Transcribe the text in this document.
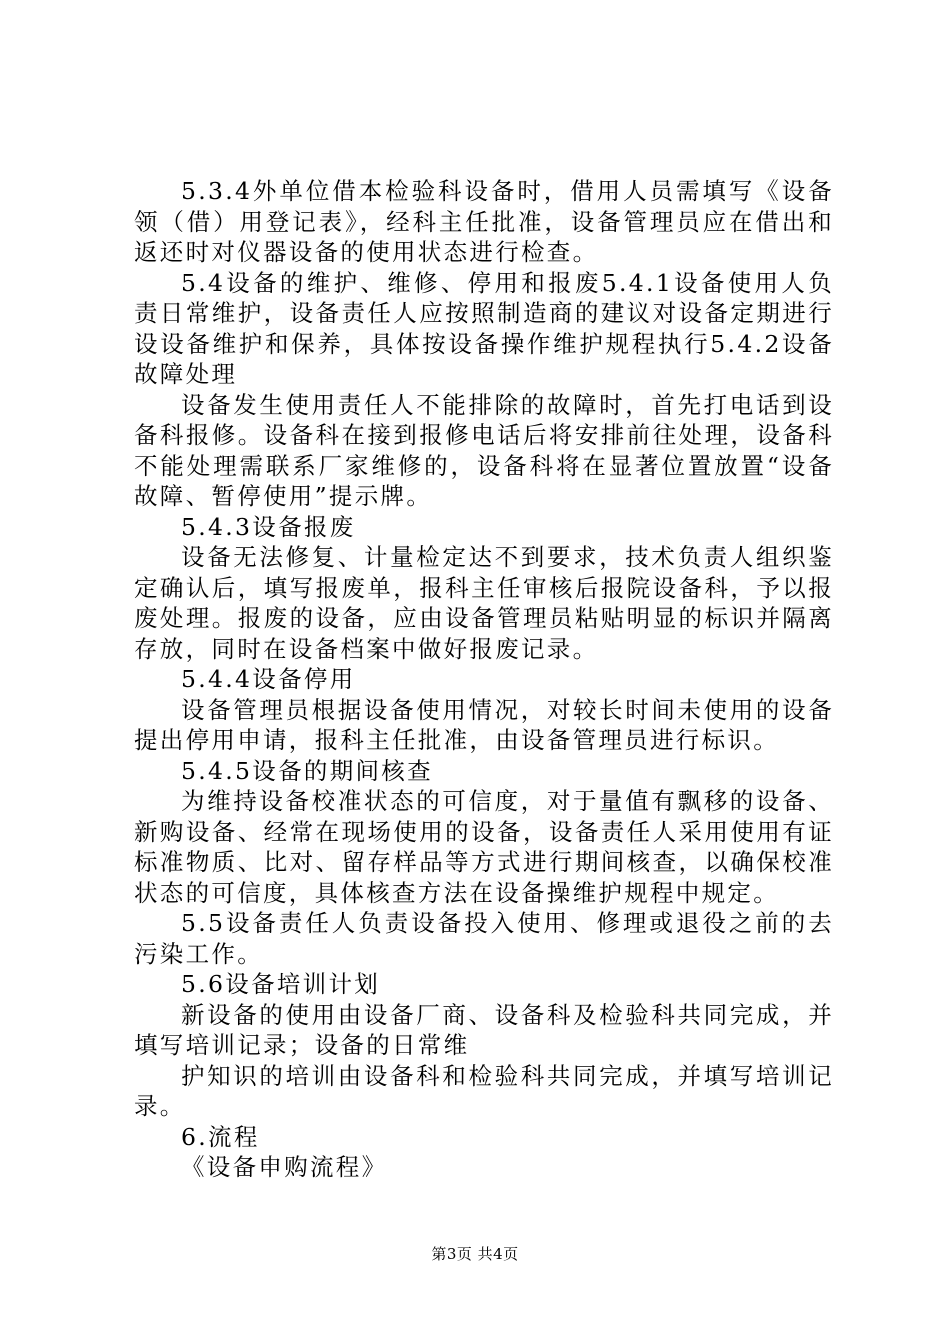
5.3.4外单位借本检验科设备时，借用人员需填写《设备领（借）用登记表》，经科主任批准，设备管理员应在借出和返还时对仪器设备的使用状态进行检查。

5.4设备的维护、维修、停用和报废5.4.1设备使用人负责日常维护，设备责任人应按照制造商的建议对设备定期进行设设备维护和保养，具体按设备操作维护规程执行5.4.2设备故障处理

设备发生使用责任人不能排除的故障时，首先打电话到设备科报修。设备科在接到报修电话后将安排前往处理，设备科不能处理需联系厂家维修的，设备科将在显著位置放置“设备故障、暂停使用”提示牌。

5.4.3设备报废

设备无法修复、计量检定达不到要求，技术负责人组织鉴定确认后，填写报废单，报科主任审核后报院设备科，予以报废处理。报废的设备，应由设备管理员粘贴明显的标识并隔离存放，同时在设备档案中做好报废记录。

5.4.4设备停用

设备管理员根据设备使用情况，对较长时间未使用的设备提出停用申请，报科主任批准，由设备管理员进行标识。

5.4.5设备的期间核查

为维持设备校准状态的可信度，对于量值有飘移的设备、新购设备、经常在现场使用的设备，设备责任人采用使用有证标准物质、比对、留存样品等方式进行期间核查，以确保校准状态的可信度，具体核查方法在设备操维护规程中规定。

5.5设备责任人负责设备投入使用、修理或退役之前的去污染工作。

5.6设备培训计划

新设备的使用由设备厂商、设备科及检验科共同完成，并填写培训记录；设备的日常维

护知识的培训由设备科和检验科共同完成，并填写培训记录。

6.流程

《设备申购流程》

第3页 共4页
